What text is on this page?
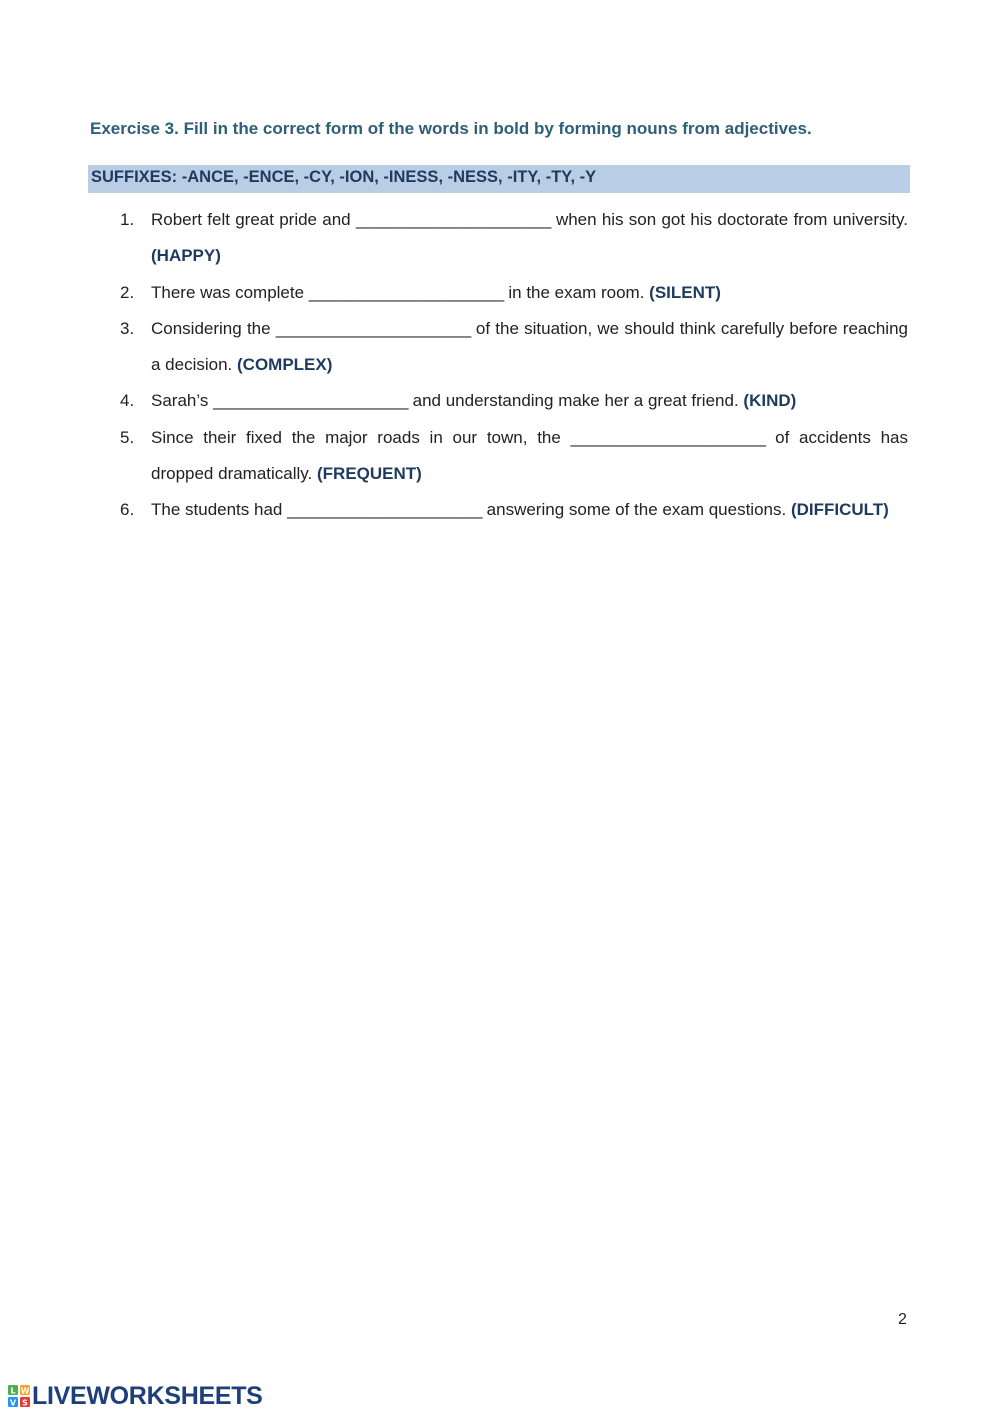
Exercise 3. Fill in the correct form of the words in bold by forming nouns from adjectives.
SUFFIXES: -ANCE, -ENCE, -CY, -ION, -INESS, -NESS, -ITY, -TY, -Y
1. Robert felt great pride and ______________________ when his son got his doctorate from university. (HAPPY)
2. There was complete ______________________ in the exam room. (SILENT)
3. Considering the ______________________ of the situation, we should think carefully before reaching a decision. (COMPLEX)
4. Sarah’s ______________________ and understanding make her a great friend. (KIND)
5. Since their fixed the major roads in our town, the ______________________ of accidents has dropped dramatically. (FREQUENT)
6. The students had ______________________ answering some of the exam questions. (DIFFICULT)
2
L W
V S LIVEWORKSHEETS
